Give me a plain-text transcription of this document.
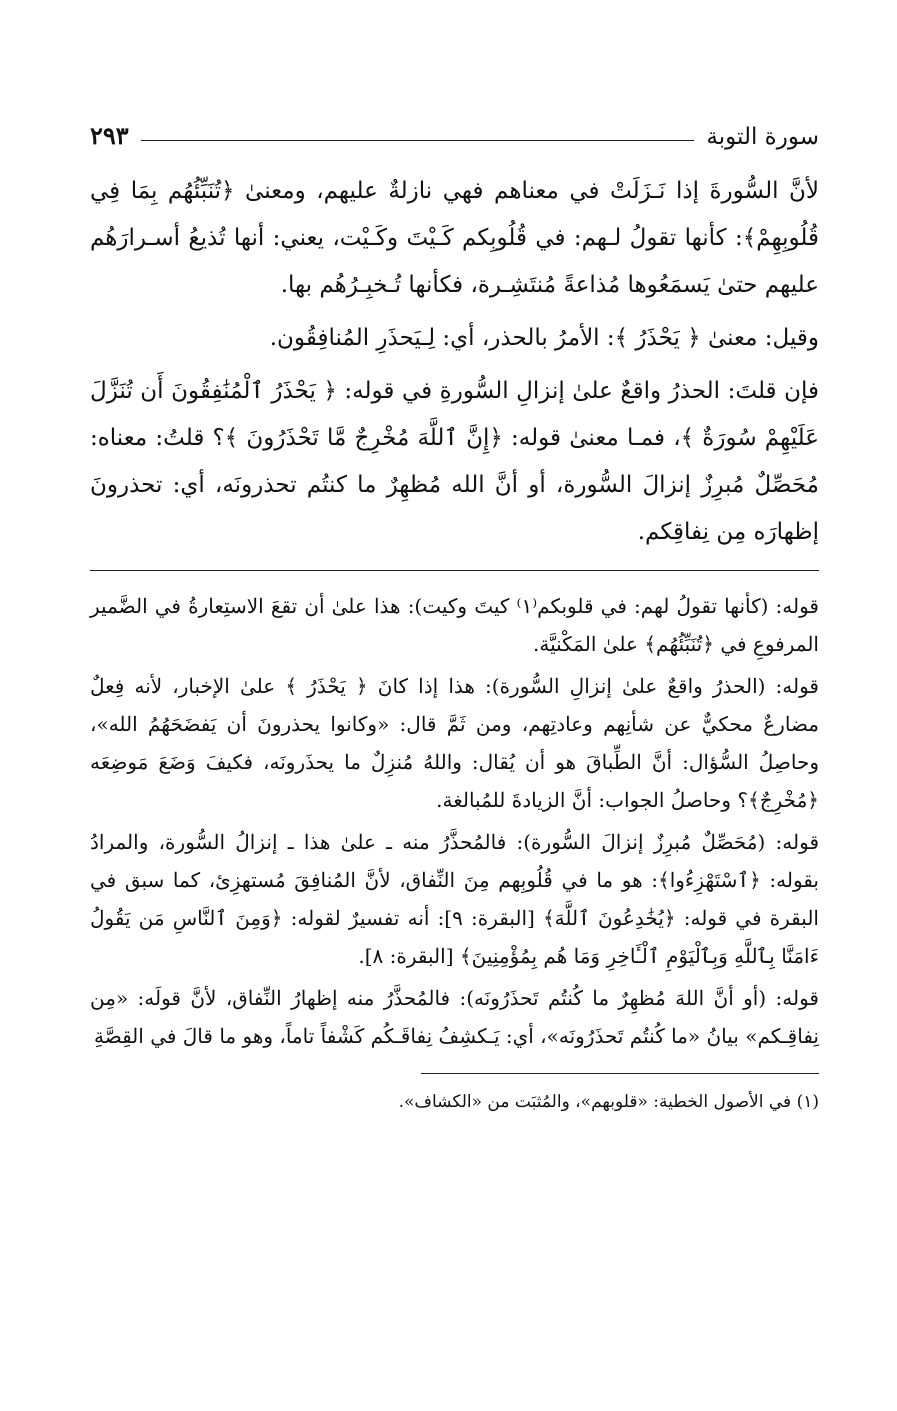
سورة التوبة
٢٩٣

لأنَّ السُّورةَ إذا نَـزَلَتْ في معناهم فهي نازلةٌ عليهم، ومعنىٰ ﴿تُنَبِّئُهُم بِمَا فِي قُلُوبِهِمْ﴾: كأنها تقولُ لـهم: في قُلُوبِكم كَـيْتَ وكَـيْت، يعني: أنها تُذيعُ أسـرارَهُم عليهم حتىٰ يَسمَعُوها مُذاعةً مُنتَشِـرة، فكأنها تُـخبِـرُهُم بها.

وقيل: معنىٰ ﴿ يَحْذَرُ ﴾: الأمرُ بالحذر، أي: لِـيَحذَرِ المُنافِقُون.

فإن قلتَ: الحذرُ واقعٌ علىٰ إنزالِ السُّورةِ في قوله: ﴿ يَحْذَرُ ٱلْمُنَٰفِقُونَ أَن تُنَزَّلَ عَلَيْهِمْ سُورَةٌ ﴾، فمـا معنىٰ قوله: ﴿إِنَّ ٱللَّهَ مُخْرِجٌ مَّا تَحْذَرُونَ ﴾؟ قلتُ: معناه: مُحَصِّلٌ مُبرِزٌ إنزالَ السُّورة، أو أنَّ الله مُظهِرٌ ما كنتُم تحذرونَه، أي: تحذرونَ إظهارَه مِن نِفاقِكم.

قوله: (كأنها تقولُ لهم: في قلوبكم⁽١⁾ كيتَ وكيت): هذا علىٰ أن تقعَ الاستِعارةُ في الضَّمير المرفوعِ في ﴿تُنَبِّئُهُم﴾ علىٰ المَكْنيَّة.

قوله: (الحذرُ واقعٌ علىٰ إنزالِ السُّورة): هذا إذا كانَ ﴿ يَحْذَرُ ﴾ علىٰ الإخبار، لأنه فِعلٌ مضارعٌ محكيٌّ عن شأنِهم وعادتِهم، ومن ثَمَّ قال: «وكانوا يحذرونَ أن يَفضَحَهُمُ الله»، وحاصِلُ السُّؤال: أنَّ الطِّباقَ هو أن يُقال: واللهُ مُنزِلٌ ما يحذَرونَه، فكيفَ وَضَعَ مَوضِعَه ﴿مُخْرِجٌ﴾؟ وحاصلُ الجواب: أنَّ الزيادةَ للمُبالغة.

قوله: (مُحَصِّلٌ مُبرِزٌ إنزالَ السُّورة): فالمُحذَّرُ منه ـ علىٰ هذا ـ إنزالُ السُّورة، والمرادُ بقوله: ﴿ٱسْتَهْزِءُوا﴾: هو ما في قُلُوبِهم مِنَ النِّفاق، لأنَّ المُنافِقَ مُستهزِئ، كما سبق في البقرة في قوله: ﴿يُخَٰدِعُونَ ٱللَّهَ﴾ [البقرة: ٩]: أنه تفسيرٌ لقوله: ﴿وَمِنَ ٱلنَّاسِ مَن يَقُولُ ءَامَنَّا بِٱللَّهِ وَبِٱلْيَوْمِ ٱلْـَٔاخِرِ وَمَا هُم بِمُؤْمِنِينَ﴾ [البقرة: ٨].

قوله: (أو أنَّ اللهَ مُظهِرٌ ما كُنتُم تَحذَرُونَه): فالمُحذَّرُ منه إظهارُ النِّفاق، لأنَّ قولَه: «مِن نِفاقِـكم» بيانُ «ما كُنتُم تَحذَرُونَه»، أي: يَـكشِفُ نِفاقَـكُم كَشْفاً تاماً، وهو ما قالَ في القِصَّةِ

(١) في الأصول الخطية: «قلوبهم»، والمُثبَت من «الكشاف».
